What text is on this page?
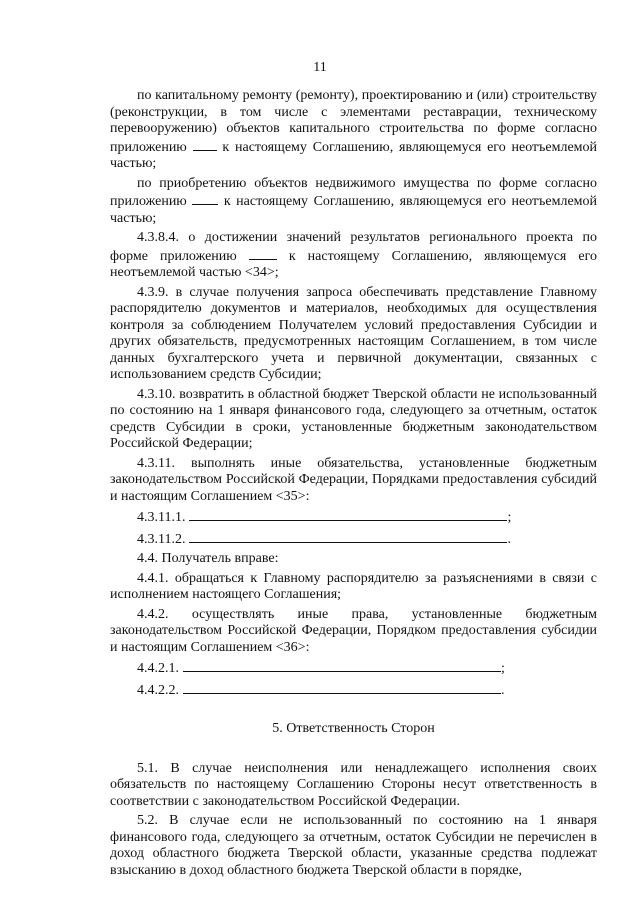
11

по капитальному ремонту (ремонту), проектированию и (или) строительству (реконструкции, в том числе с элементами реставрации, техническому перевооружению) объектов капитального строительства по форме согласно приложению	к настоящему Соглашению, являющемуся его неотъемлемой частью;

по приобретению объектов недвижимого имущества по форме согласно приложению	к настоящему Соглашению, являющемуся его неотъемлемой частью;

4.3.8.4. о достижении значений результатов регионального проекта по форме приложению	к настоящему Соглашению, являющемуся его неотъемлемой частью <34>;

4.3.9. в случае получения запроса обеспечивать представление Главному распорядителю документов и материалов, необходимых для осуществления контроля за соблюдением Получателем условий предоставления Субсидии и других обязательств, предусмотренных настоящим Соглашением, в том числе данных бухгалтерского учета и первичной документации, связанных с использованием средств Субсидии;

4.3.10. возвратить в областной бюджет Тверской области не использованный по состоянию на 1 января финансового года, следующего за отчетным, остаток средств Субсидии в сроки, установленные бюджетным законодательством Российской Федерации;

4.3.11. выполнять иные обязательства, установленные бюджетным законодательством Российской Федерации, Порядками предоставления субсидий и настоящим Соглашением <35>:

4.3.11.1.	;
4.3.11.2.	.

4.4. Получатель вправе:

4.4.1. обращаться к Главному распорядителю за разъяснениями в связи с исполнением настоящего Соглашения;

4.4.2. осуществлять иные права, установленные бюджетным законодательством Российской Федерации, Порядком предоставления субсидии и настоящим Соглашением <36>:

4.4.2.1.	;
4.4.2.2.	.

5. Ответственность Сторон

5.1. В случае неисполнения или ненадлежащего исполнения своих обязательств по настоящему Соглашению Стороны несут ответственность в соответствии с законодательством Российской Федерации.

5.2. В случае если не использованный по состоянию на 1 января финансового года, следующего за отчетным, остаток Субсидии не перечислен в доход областного бюджета Тверской области, указанные средства подлежат взысканию в доход областного бюджета Тверской области в порядке,
